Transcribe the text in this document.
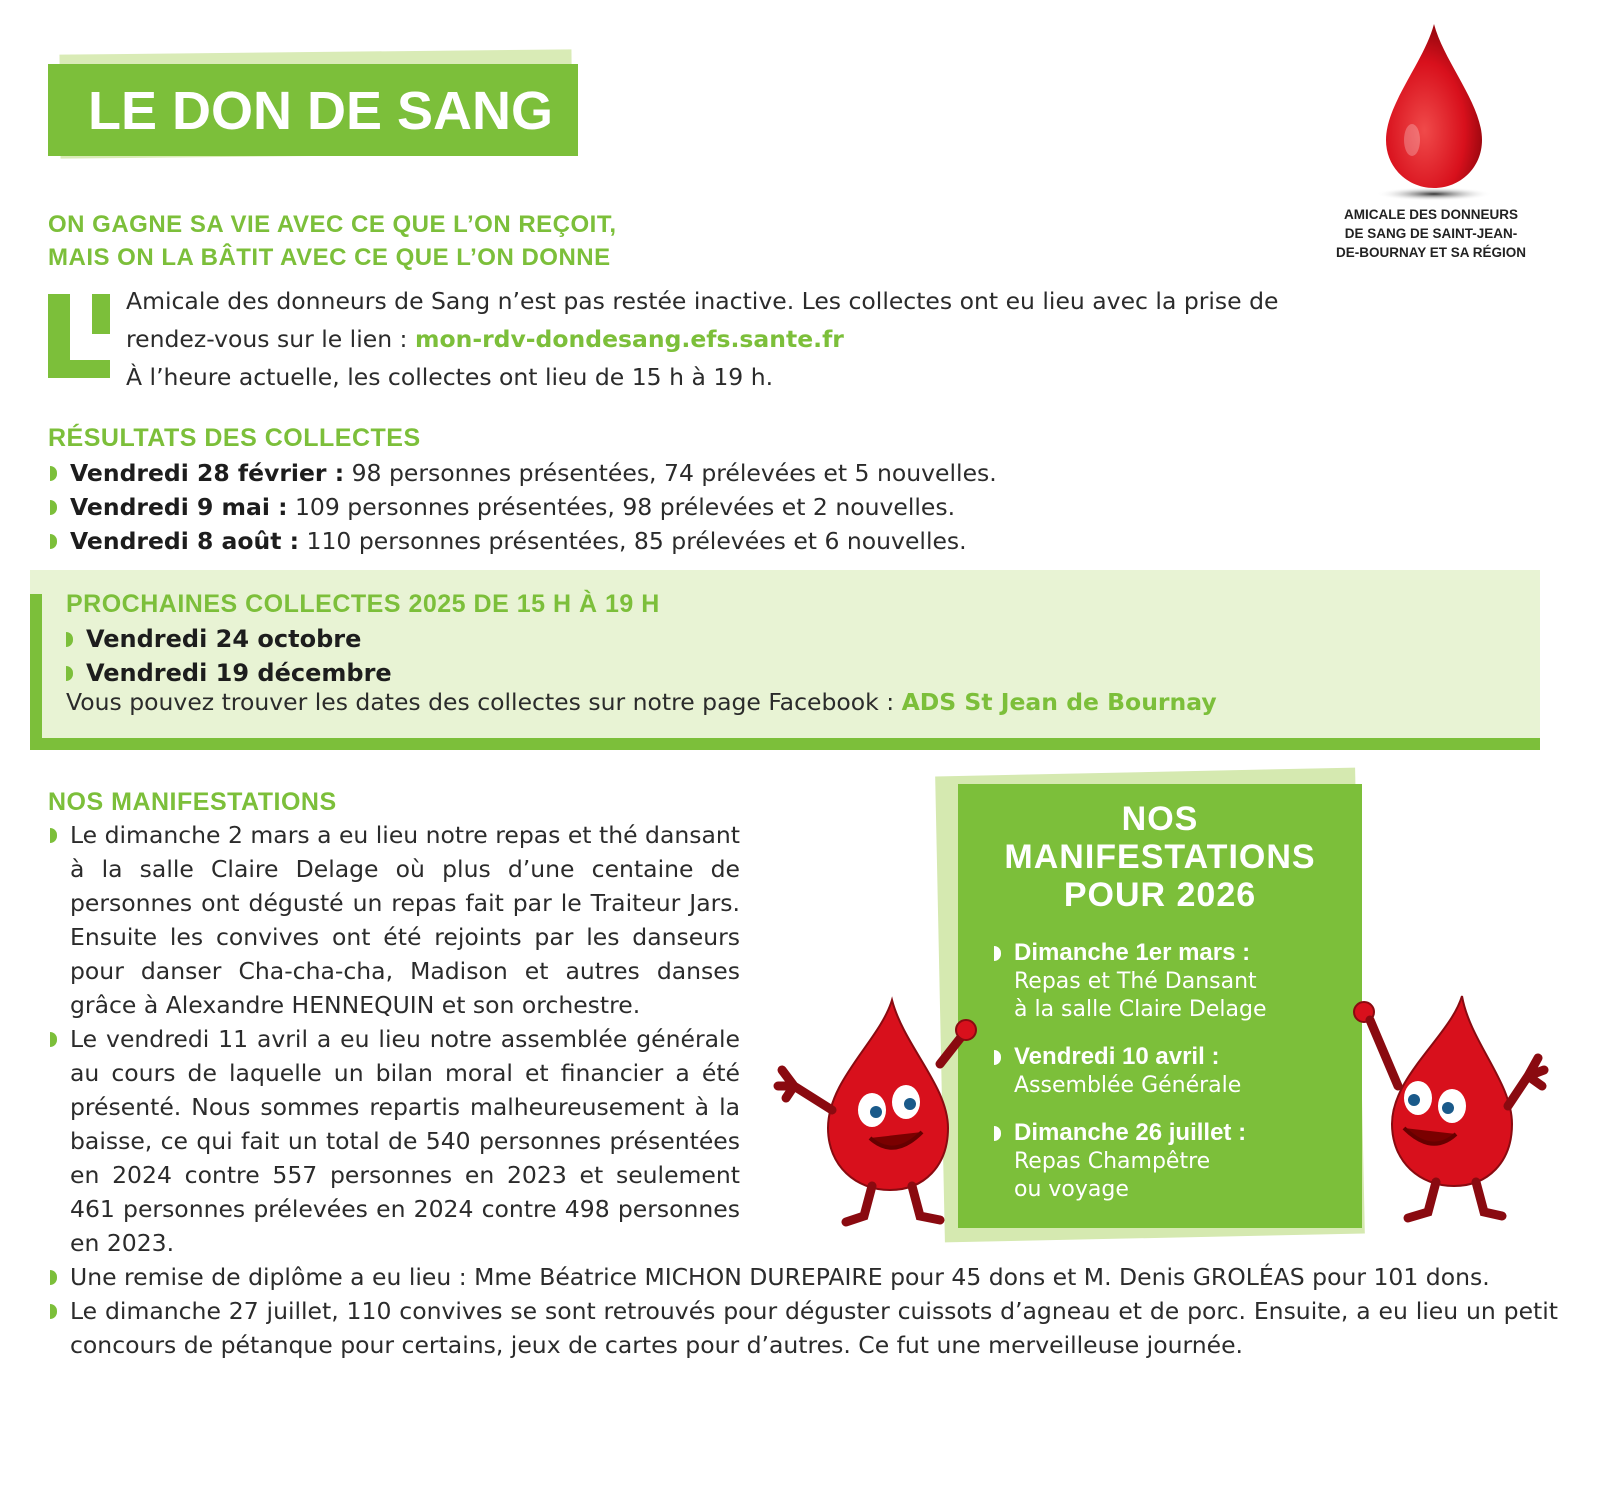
LE DON DE SANG
AMICALE DES DONNEURS
DE SANG DE SAINT-JEAN-
DE-BOURNAY ET SA RÉGION
ON GAGNE SA VIE AVEC CE QUE L’ON REÇOIT,
MAIS ON LA BÂTIT AVEC CE QUE L’ON DONNE
Amicale des donneurs de Sang n’est pas restée inactive. Les collectes ont eu lieu avec la prise de
rendez-vous sur le lien : mon-rdv-dondesang.efs.sante.fr
À l’heure actuelle, les collectes ont lieu de 15 h à 19 h.
RÉSULTATS DES COLLECTES
Vendredi 28 février : 98 personnes présentées, 74 prélevées et 5 nouvelles.
Vendredi 9 mai : 109 personnes présentées, 98 prélevées et 2 nouvelles.
Vendredi 8 août : 110 personnes présentées, 85 prélevées et 6 nouvelles.
PROCHAINES COLLECTES 2025 DE 15 H À 19 H
Vendredi 24 octobre
Vendredi 19 décembre
Vous pouvez trouver les dates des collectes sur notre page Facebook : ADS St Jean de Bournay
NOS
MANIFESTATIONS
POUR 2026
Dimanche 1er mars :
Repas et Thé Dansant
à la salle Claire Delage
Vendredi 10 avril :
Assemblée Générale
Dimanche 26 juillet :
Repas Champêtre
ou voyage
NOS MANIFESTATIONS
Le dimanche 2 mars a eu lieu notre repas et thé dansant à la salle Claire Delage où plus d’une centaine de personnes ont dégusté un repas fait par le Traiteur Jars. Ensuite les convives ont été rejoints par les danseurs pour danser Cha-cha-cha, Madison et autres danses grâce à Alexandre HENNEQUIN et son orchestre.
Le vendredi 11 avril a eu lieu notre assemblée générale au cours de laquelle un bilan moral et financier a été présenté. Nous sommes repartis malheureusement à la baisse, ce qui fait un total de 540 personnes présentées en 2024 contre 557 personnes en 2023 et seulement 461 personnes prélevées en 2024 contre 498 personnes en 2023.
Une remise de diplôme a eu lieu : Mme Béatrice MICHON DUREPAIRE pour 45 dons et M. Denis GROLÉAS pour 101 dons.
Le dimanche 27 juillet, 110 convives se sont retrouvés pour déguster cuissots d’agneau et de porc. Ensuite, a eu lieu un petit concours de pétanque pour certains, jeux de cartes pour d’autres. Ce fut une merveilleuse journée.
